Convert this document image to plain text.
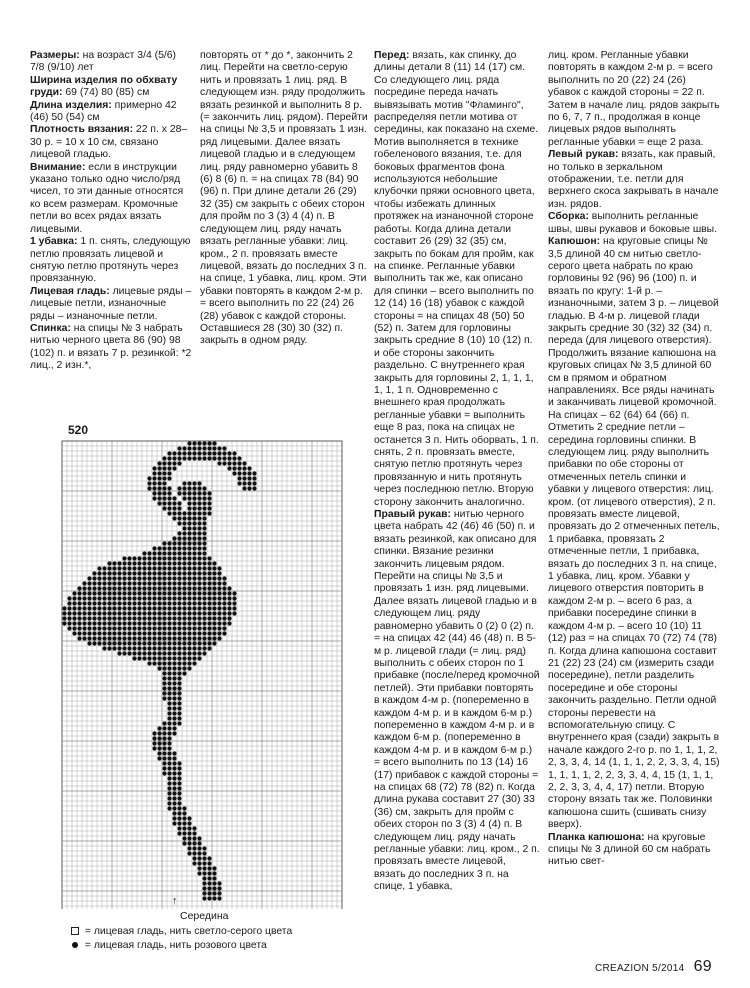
Размеры: на возраст 3/4 (5/6) 7/8 (9/10) лет

Ширина изделия по обхвату груди: 69 (74) 80 (85) см

Длина изделия: примерно 42 (46) 50 (54) см

Плотность вязания: 22 п. х 28–30 р. = 10 х 10 см, связано лицевой гладью.

Внимание: если в инструкции указано только одно число/ряд чисел, то эти данные относятся ко всем размерам. Кромочные петли во всех рядах вязать лицевыми.

1 убавка: 1 п. снять, следующую петлю провязать лицевой и снятую петлю протянуть через провязанную.

Лицевая гладь: лицевые ряды – лицевые петли, изнаночные ряды – изнаночные петли.

Спинка: на спицы № 3 набрать нитью черного цвета 86 (90) 98 (102) п. и вязать 7 р. резинкой: *2 лиц., 2 изн.*,

повторять от * до *, закончить 2 лиц. Перейти на светло-серую нить и провязать 1 лиц. ряд. В следующем изн. ряду продолжить вязать резинкой и выполнить 8 р. (= закончить лиц. рядом). Перейти на спицы № 3,5 и провязать 1 изн. ряд лицевыми. Далее вязать лицевой гладью и в следующем лиц. ряду равномерно убавить 8 (6) 8 (6) п. = на спицах 78 (84) 90 (96) п. При длине детали 26 (29) 32 (35) см закрыть с обеих сторон для пройм по 3 (3) 4 (4) п. В следующем лиц. ряду начать вязать регланные убавки: лиц. кром., 2 п. провязать вместе лицевой, вязать до последних 3 п. на спице, 1 убавка, лиц. кром. Эти убавки повторять в каждом 2-м р. = всего выполнить по 22 (24) 26 (28) убавок с каждой стороны. Оставшиеся 28 (30) 30 (32) п. закрыть в одном ряду.

Перед: вязать, как спинку, до длины детали 8 (11) 14 (17) см. Со следующего лиц. ряда посредине переда начать вывязывать мотив "Фламинго", распределяя петли мотива от середины, как показано на схеме. Мотив выполняется в технике гобеленового вязания, т.е. для боковых фрагментов фона используются небольшие клубочки пряжи основного цвета, чтобы избежать длинных протяжек на изнаночной стороне работы. Когда длина детали составит 26 (29) 32 (35) см, закрыть по бокам для пройм, как на спинке. Регланные убавки выполнить так же, как описано для спинки – всего выполнить по 12 (14) 16 (18) убавок с каждой стороны = на спицах 48 (50) 50 (52) п. Затем для горловины закрыть средние 8 (10) 10 (12) п. и обе стороны закончить раздельно. С внутреннего края закрыть для горловины 2, 1, 1, 1, 1, 1, 1 п. Одновременно с внешнего края продолжать регланные убавки = выполнить еще 8 раз, пока на спицах не останется 3 п. Нить оборвать, 1 п. снять, 2 п. провязать вместе, снятую петлю протянуть через провязанную и нить протянуть через последнюю петлю. Вторую сторону закончить аналогично.

Правый рукав: нитью черного цвета набрать 42 (46) 46 (50) п. и вязать резинкой, как описано для спинки. Вязание резинки закончить лицевым рядом. Перейти на спицы № 3,5 и провязать 1 изн. ряд лицевыми. Далее вязать лицевой гладью и в следующем лиц. ряду равномерно убавить 0 (2) 0 (2) п. = на спицах 42 (44) 46 (48) п. В 5-м р. лицевой глади (= лиц. ряд) выполнить с обеих сторон по 1 прибавке (после/перед кромочной петлей). Эти прибавки повторять в каждом 4-м р. (попеременно в каждом 4-м р. и в каждом 6-м р.) попеременно в каждом 4-м р. и в каждом 6-м р. (попеременно в каждом 4-м р. и в каждом 6-м р.) = всего выполнить по 13 (14) 16 (17) прибавок с каждой стороны = на спицах 68 (72) 78 (82) п. Когда длина рукава составит 27 (30) 33 (36) см, закрыть для пройм с обеих сторон по 3 (3) 4 (4) п. В следующем лиц. ряду начать регланные убавки: лиц. кром., 2 п. провязать вместе лицевой, вязать до последних 3 п. на спице, 1 убавка,

лиц. кром. Регланные убавки повторять в каждом 2-м р. = всего выполнить по 20 (22) 24 (26) убавок с каждой стороны = 22 п. Затем в начале лиц. рядов закрыть по 6, 7, 7 п., продолжая в конце лицевых рядов выполнять регланные убавки = еще 2 раза.

Левый рукав: вязать, как правый, но только в зеркальном отображении, т.е. петли для верхнего скоса закрывать в начале изн. рядов.

Сборка: выполнить регланные швы, швы рукавов и боковые швы.

Капюшон: на круговые спицы № 3,5 длиной 40 см нитью светло-серого цвета набрать по краю горловины 92 (96) 96 (100) п. и вязать по кругу: 1-й р. – изнаночными, затем 3 р. – лицевой гладью. В 4-м р. лицевой глади закрыть средние 30 (32) 32 (34) п. переда (для лицевого отверстия). Продолжить вязание капюшона на круговых спицах № 3,5 длиной 60 см в прямом и обратном направлениях. Все ряды начинать и заканчивать лицевой кромочной. На спицах – 62 (64) 64 (66) п. Отметить 2 средние петли – середина горловины спинки. В следующем лиц. ряду выполнить прибавки по обе стороны от отмеченных петель спинки и убавки у лицевого отверстия: лиц. кром. (от лицевого отверстия), 2 п. провязать вместе лицевой, провязать до 2 отмеченных петель, 1 прибавка, провязать 2 отмеченные петли, 1 прибавка, вязать до последних 3 п. на спице, 1 убавка, лиц. кром. Убавки у лицевого отверстия повторить в каждом 2-м р. – всего 6 раз, а прибавки посередине спинки в каждом 4-м р. – всего 10 (10) 11 (12) раз = на спицах 70 (72) 74 (78) п. Когда длина капюшона составит 21 (22) 23 (24) см (измерить сзади посередине), петли разделить посередине и обе стороны закончить раздельно. Петли одной стороны перевести на вспомогательную спицу. С внутреннего края (сзади) закрыть в начале каждого 2-го р. по 1, 1, 1, 2, 2, 3, 3, 4, 14 (1, 1, 1, 2, 2, 3, 3, 4, 15) 1, 1, 1, 1, 2, 2, 3, 3, 4, 4, 15 (1, 1, 1, 2, 2, 3, 3, 4, 4, 17) петли. Вторую сторону вязать так же. Половинки капюшона сшить (сшивать снизу вверх).

Планка капюшона: на круговые спицы № 3 длиной 60 см набрать нитью свет-

520
Середина
↑
= лицевая гладь, нить светло-серого цвета
= лицевая гладь, нить розового цвета
CREAZION 5/2014 69
